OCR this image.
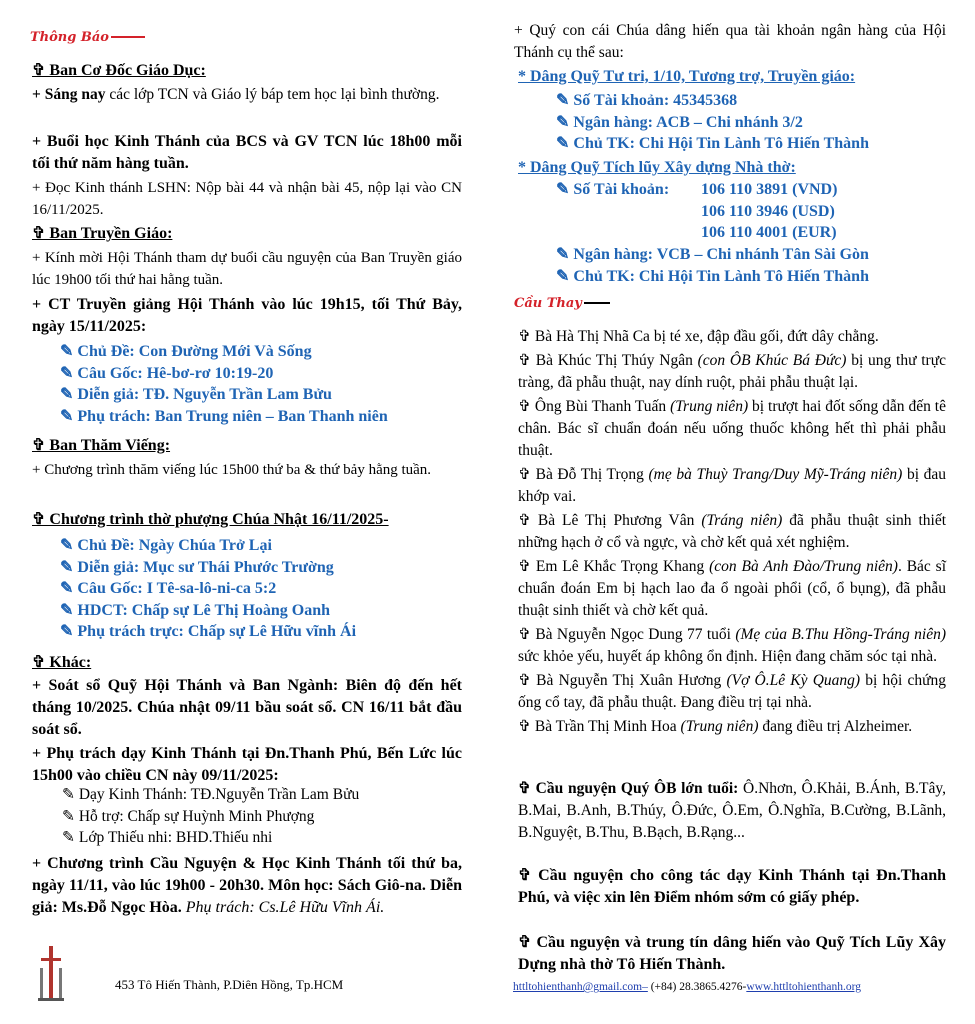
Thông Báo
✞ Ban Cơ Đốc Giáo Dục:

+ Sáng nay các lớp TCN và Giáo lý báp tem học lại bình thường.

+ Buổi học Kinh Thánh của BCS và GV TCN lúc 18h00 mỗi tối thứ năm hàng tuần.

+ Đọc Kinh thánh LSHN: Nộp bài 44 và nhận bài 45, nộp lại vào CN 16/11/2025.

✞ Ban Truyền Giáo:

+ Kính mời Hội Thánh tham dự buổi cầu nguyện của Ban Truyền giáo lúc 19h00 tối thứ hai hằng tuần.

+ CT Truyền giảng Hội Thánh vào lúc 19h15, tối Thứ Bảy, ngày 15/11/2025:

✎ Chủ Đề: Con Đường Mới Và Sống
✎ Câu Gốc: Hê-bơ-rơ 10:19-20
✎ Diễn giả: TĐ. Nguyễn Trần Lam Bửu
✎ Phụ trách: Ban Trung niên – Ban Thanh niên
✞ Ban Thăm Viếng:

+ Chương trình thăm viếng lúc 15h00 thứ ba & thứ bảy hằng tuần.

✞ Chương trình thờ phượng Chúa Nhật 16/11/2025-
✎ Chủ Đề: Ngày Chúa Trở Lại
✎ Diễn giả: Mục sư Thái Phước Trường
✎ Câu Gốc: I Tê-sa-lô-ni-ca 5:2
✎ HDCT: Chấp sự Lê Thị Hoàng Oanh
✎ Phụ trách trực: Chấp sự Lê Hữu vĩnh Ái
✞ Khác:

+ Soát sổ Quỹ Hội Thánh và Ban Ngành: Biên độ đến hết tháng 10/2025. Chúa nhật 09/11 bầu soát sổ. CN 16/11 bắt đầu soát sổ.

+ Phụ trách dạy Kinh Thánh tại Đn.Thanh Phú, Bến Lức lúc 15h00 vào chiều CN này 09/11/2025:

✎ Dạy Kinh Thánh: TĐ.Nguyễn Trần Lam Bửu
✎ Hỗ trợ: Chấp sự Huỳnh Minh Phượng
✎ Lớp Thiếu nhi: BHD.Thiếu nhi

+ Chương trình Cầu Nguyện & Học Kinh Thánh tối thứ ba, ngày 11/11, vào lúc 19h00 - 20h30. Môn học: Sách Giô-na. Diễn giả: Ms.Đỗ Ngọc Hòa. Phụ trách: Cs.Lê Hữu Vĩnh Ái.

453 Tô Hiến Thành, P.Diên Hồng, Tp.HCM

+ Quý con cái Chúa dâng hiến qua tài khoản ngân hàng của Hội Thánh cụ thể sau:

* Dâng Quỹ Tư tri, 1/10, Tương trợ, Truyền giáo:
✎ Số Tài khoản: 45345368
✎ Ngân hàng: ACB – Chi nhánh 3/2
✎ Chủ TK: Chi Hội Tin Lành Tô Hiến Thành
* Dâng Quỹ Tích lũy Xây dựng Nhà thờ:
✎ Số Tài khoản: 106 110 3891 (VND)
106 110 3946 (USD)
106 110 4001 (EUR)
✎ Ngân hàng: VCB – Chi nhánh Tân Sài Gòn
✎ Chủ TK: Chi Hội Tin Lành Tô Hiến Thành
Cầu Thay

✞ Bà Hà Thị Nhã Ca bị té xe, đập đầu gối, đứt dây chằng.

✞ Bà Khúc Thị Thúy Ngân (con ÔB Khúc Bá Đức) bị ung thư trực tràng, đã phẫu thuật, nay dính ruột, phải phẫu thuật lại.

✞ Ông Bùi Thanh Tuấn (Trung niên) bị trượt hai đốt sống dẫn đến tê chân. Bác sĩ chuẩn đoán nếu uống thuốc không hết thì phải phẫu thuật.

✞ Bà Đỗ Thị Trọng (mẹ bà Thuỳ Trang/Duy Mỹ-Tráng niên) bị đau khớp vai.

✞ Bà Lê Thị Phương Vân (Tráng niên) đã phẫu thuật sinh thiết những hạch ở cổ và ngực, và chờ kết quả xét nghiệm.

✞ Em Lê Khắc Trọng Khang (con Bà Anh Đào/Trung niên). Bác sĩ chuẩn đoán Em bị hạch lao đa ổ ngoài phổi (cổ, ổ bụng), đã phẫu thuật sinh thiết và chờ kết quả.

✞ Bà Nguyễn Ngọc Dung 77 tuổi (Mẹ của B.Thu Hồng-Tráng niên) sức khỏe yếu, huyết áp không ổn định. Hiện đang chăm sóc tại nhà.

✞ Bà Nguyễn Thị Xuân Hương (Vợ Ô.Lê Kỳ Quang) bị hội chứng ống cổ tay, đã phẫu thuật. Đang điều trị tại nhà.

✞ Bà Trần Thị Minh Hoa (Trung niên) đang điều trị Alzheimer.

✞ Cầu nguyện Quý ÔB lớn tuổi: Ô.Nhơn, Ô.Khải, B.Ánh, B.Tây, B.Mai, B.Anh, B.Thúy, Ô.Đức, Ô.Em, Ô.Nghĩa, B.Cường, B.Lãnh, B.Nguyệt, B.Thu, B.Bạch, B.Rạng...

✞ Cầu nguyện cho công tác dạy Kinh Thánh tại Đn.Thanh Phú, và việc xin lên Điểm nhóm sớm có giấy phép.

✞ Cầu nguyện và trung tín dâng hiến vào Quỹ Tích Lũy Xây Dựng nhà thờ Tô Hiến Thành.

httltohienthanh@gmail.com– (+84) 28.3865.4276-www.httltohienthanh.org
